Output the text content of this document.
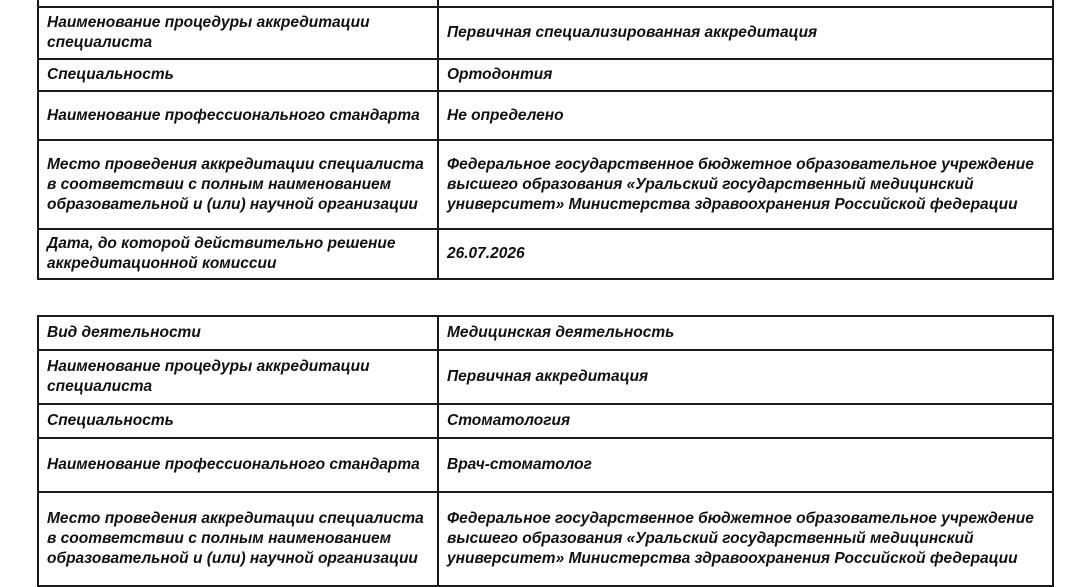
Наименование процедуры аккредитации специалиста	Первичная специализированная аккредитация
Специальность	Ортодонтия
Наименование профессионального стандарта	Не определено
Место проведения аккредитации специалиста в соответствии с полным наименованием образовательной и (или) научной организации	Федеральное государственное бюджетное образовательное учреждение высшего образования «Уральский государственный медицинский университет» Министерства здравоохранения Российской федерации
Дата, до которой действительно решение аккредитационной комиссии	26.07.2026
Вид деятельности	Медицинская деятельность
Наименование процедуры аккредитации специалиста	Первичная аккредитация
Специальность	Стоматология
Наименование профессионального стандарта	Врач-стоматолог
Место проведения аккредитации специалиста в соответствии с полным наименованием образовательной и (или) научной организации	Федеральное государственное бюджетное образовательное учреждение высшего образования «Уральский государственный медицинский университет» Министерства здравоохранения Российской федерации
